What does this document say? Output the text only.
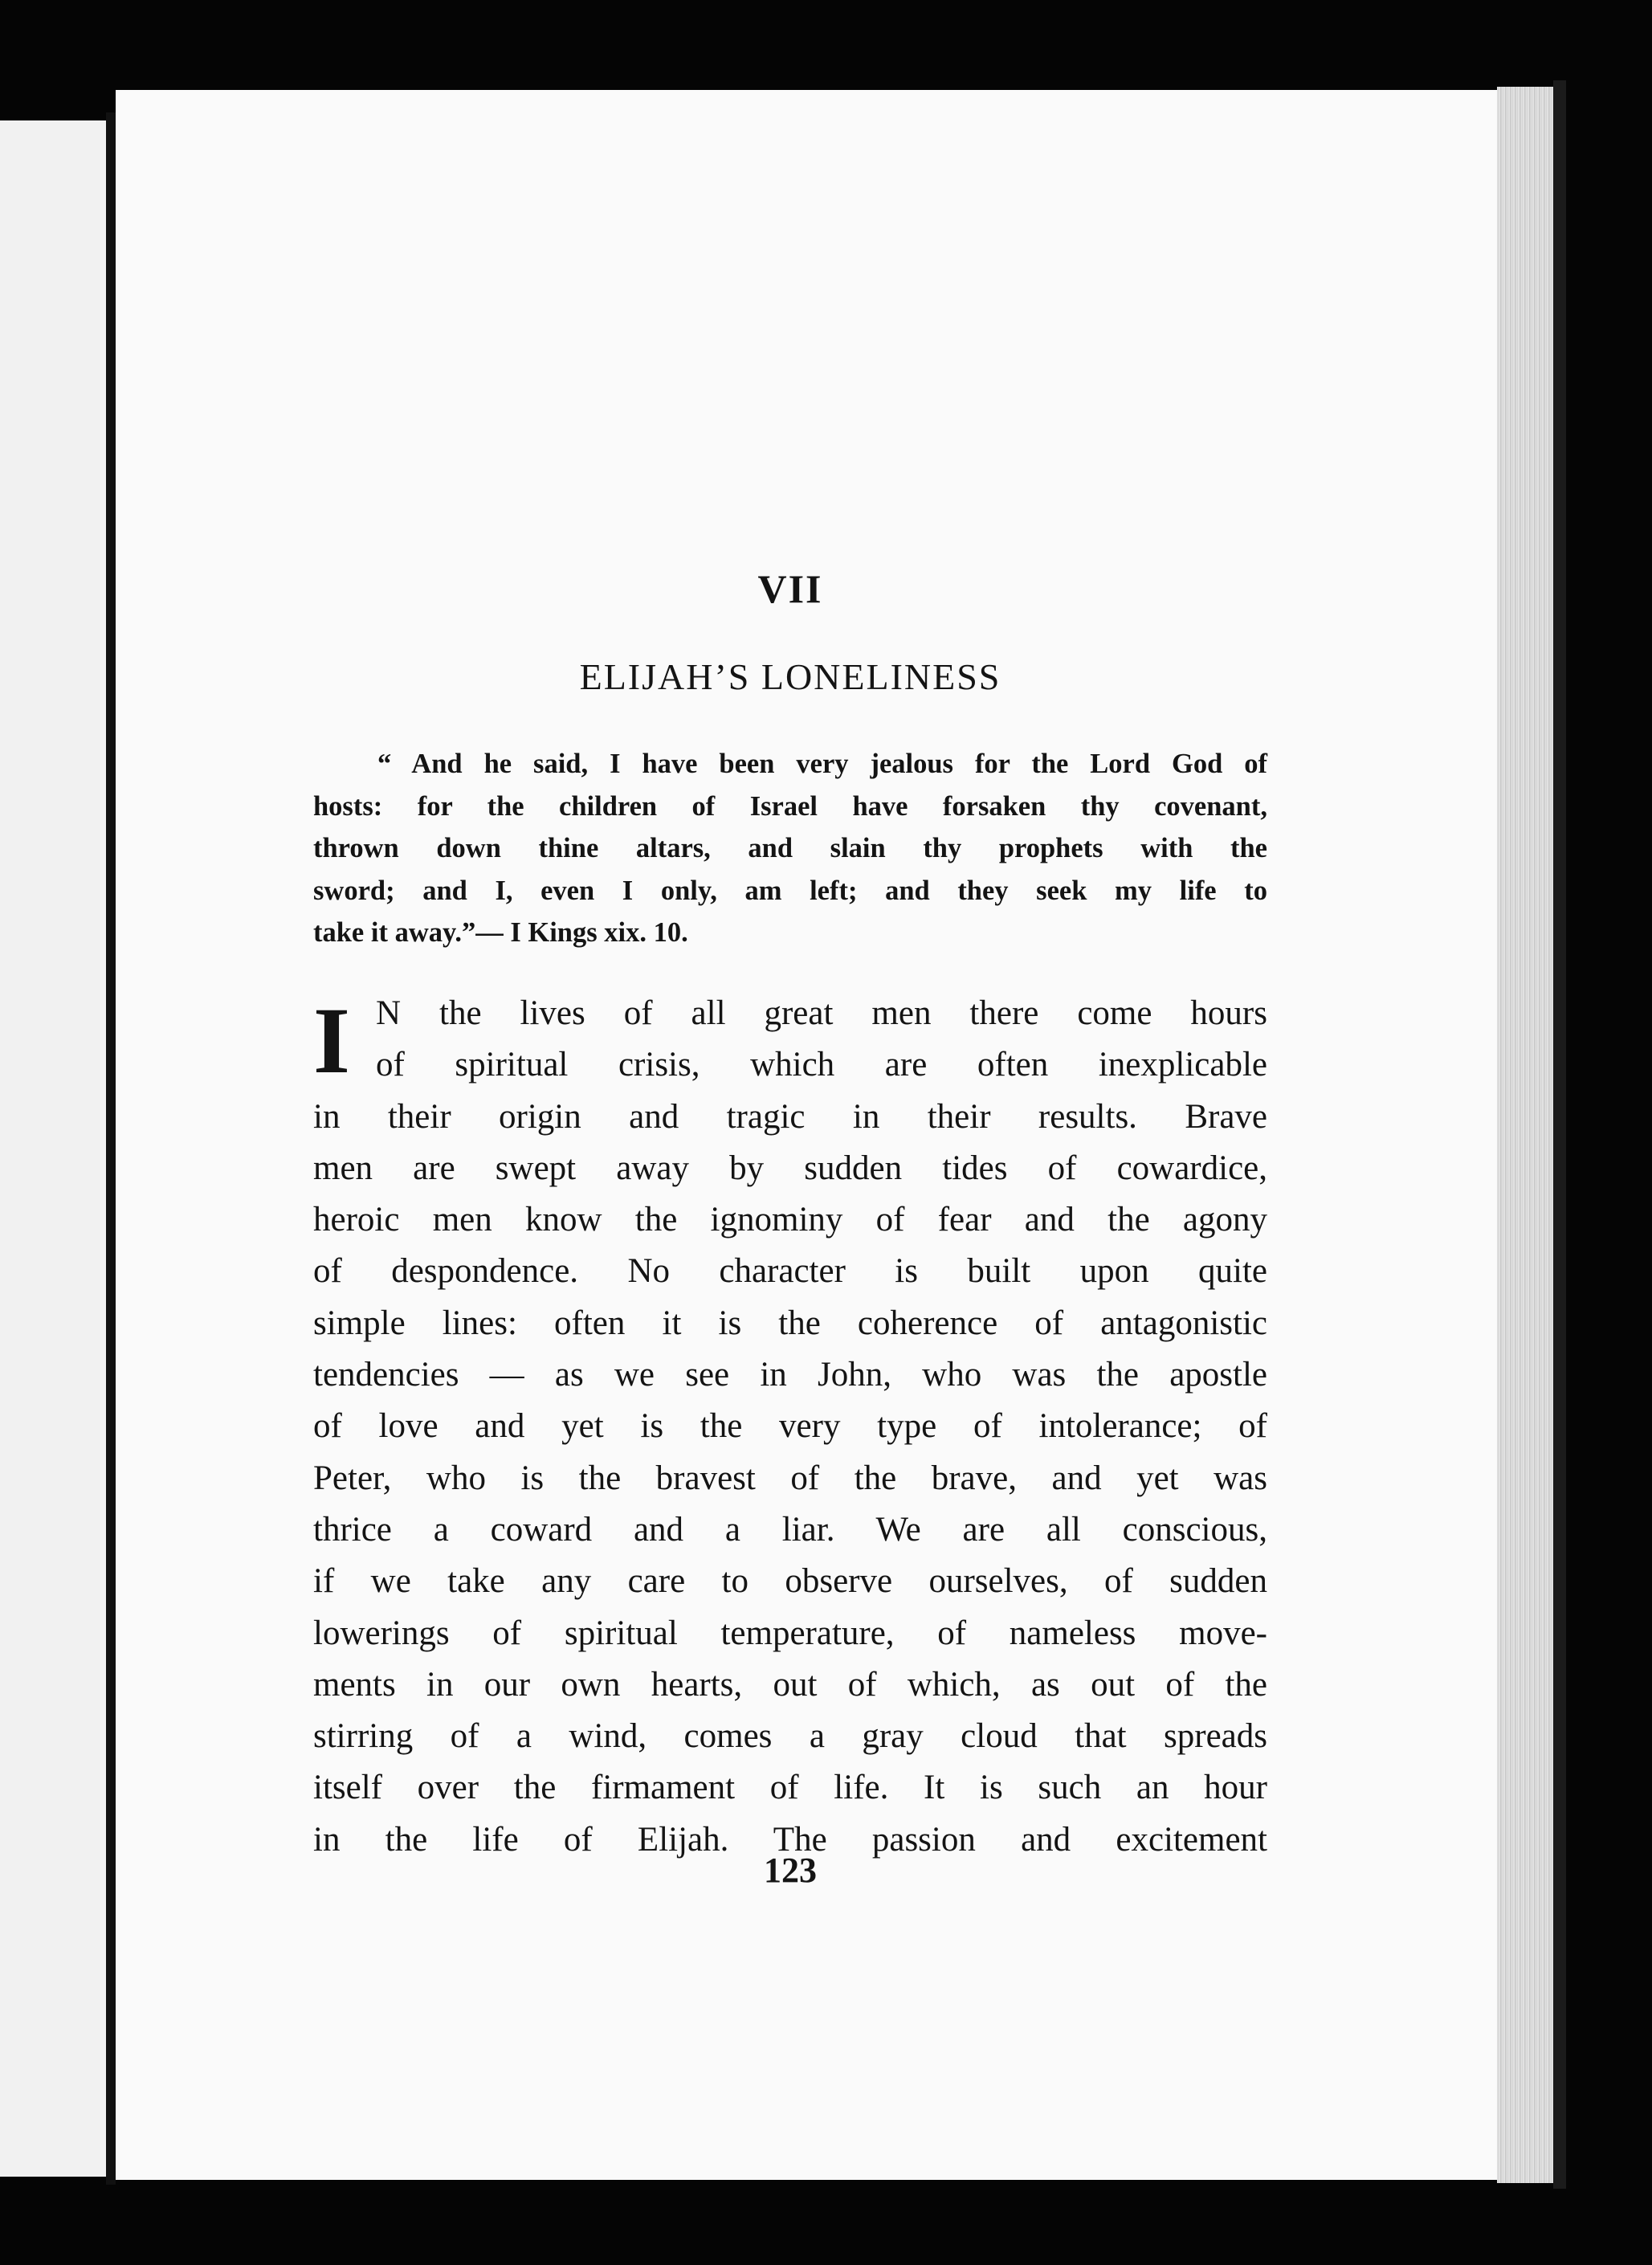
VII
ELIJAH’S LONELINESS
“ And he said, I have been very jealous for the Lord God of
hosts: for the children of Israel have forsaken thy covenant,
thrown down thine altars, and slain thy prophets with the
sword; and I, even I only, am left; and they seek my life to
take it away.”— I Kings xix. 10.
I N the lives of all great men there come hours
of spiritual crisis, which are often inexplicable
in their origin and tragic in their results. Brave
men are swept away by sudden tides of cowardice,
heroic men know the ignominy of fear and the agony
of despondence. No character is built upon quite
simple lines: often it is the coherence of antagonistic
tendencies — as we see in John, who was the apostle
of love and yet is the very type of intolerance; of
Peter, who is the bravest of the brave, and yet was
thrice a coward and a liar. We are all conscious,
if we take any care to observe ourselves, of sudden
lowerings of spiritual temperature, of nameless move-
ments in our own hearts, out of which, as out of the
stirring of a wind, comes a gray cloud that spreads
itself over the firmament of life. It is such an hour
in the life of Elijah. The passion and excitement
123
